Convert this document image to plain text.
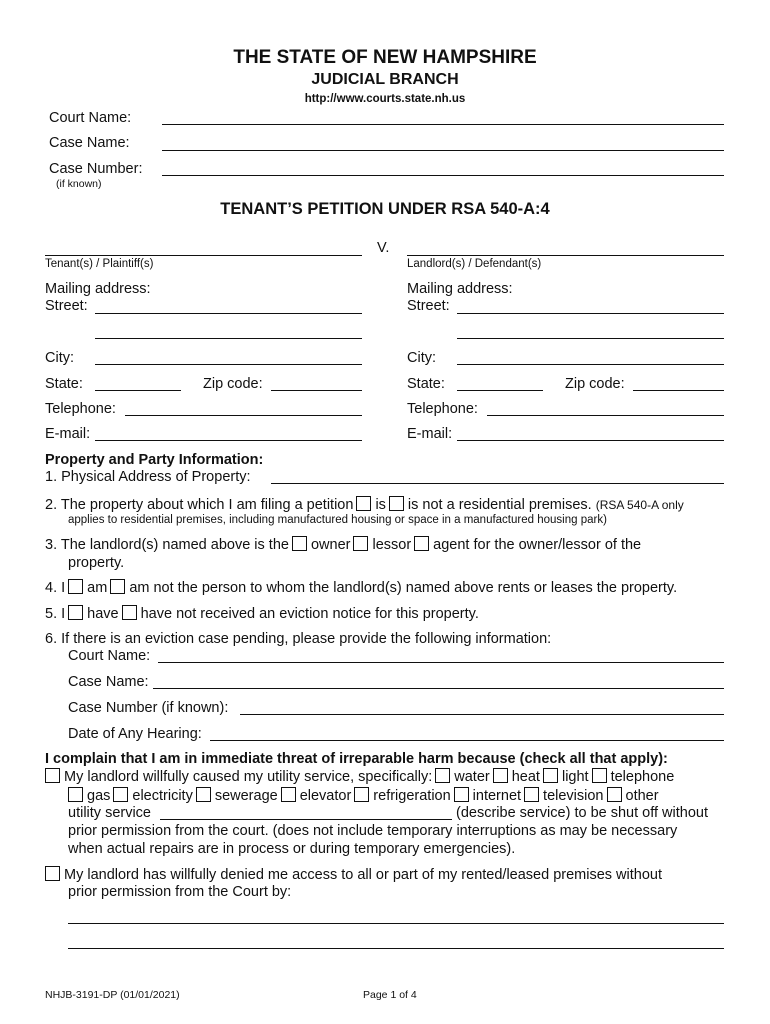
THE STATE OF NEW HAMPSHIRE
JUDICIAL BRANCH
http://www.courts.state.nh.us
Court Name:
Case Name:
Case Number:
(if known)
TENANT’S PETITION UNDER RSA 540-A:4
V.
Tenant(s) / Plaintiff(s)	Landlord(s) / Defendant(s)
Mailing address:
Street:
City:
State:	Zip code:
Telephone:
E-mail:
Mailing address:
Street:
City:
State:	Zip code:
Telephone:
E-mail:
Property and Party Information:
1. Physical Address of Property:
2. The property about which I am filing a petition is is not a residential premises. (RSA 540-A only
applies to residential premises, including manufactured housing or space in a manufactured housing park)
3. The landlord(s) named above is the owner lessor agent for the owner/lessor of the
property.
4. I am am not the person to whom the landlord(s) named above rents or leases the property.
5. I have have not received an eviction notice for this property.
6. If there is an eviction case pending, please provide the following information:
Court Name:
Case Name:
Case Number (if known):
Date of Any Hearing:
I complain that I am in immediate threat of irreparable harm because (check all that apply):
My landlord willfully caused my utility service, specifically: water heat light telephone
gas electricity sewerage elevator refrigeration internet television other
utility service	(describe service) to be shut off without
prior permission from the court. (does not include temporary interruptions as may be necessary
when actual repairs are in process or during temporary emergencies).
My landlord has willfully denied me access to all or part of my rented/leased premises without
prior permission from the Court by:
NHJB-3191-DP (01/01/2021)	Page 1 of 4
